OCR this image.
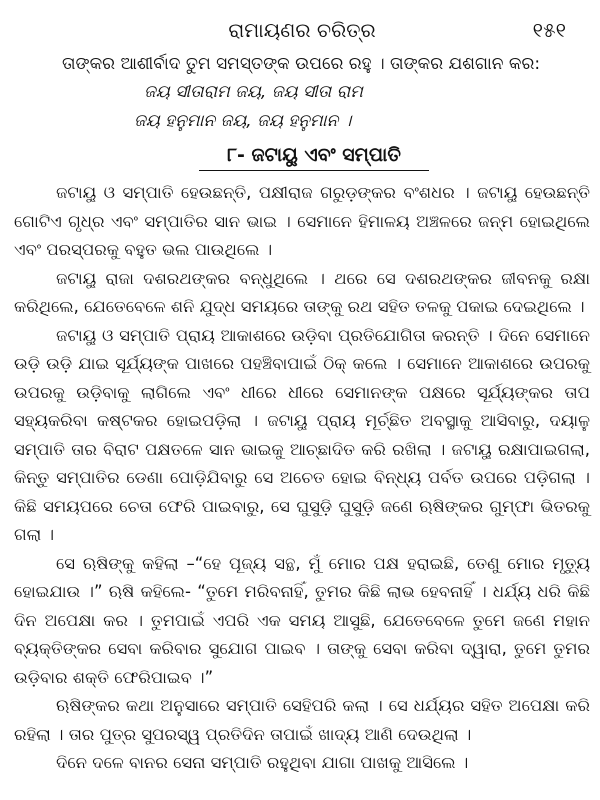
ରାମାୟଣର ଚରିତ୍ର	୧୫୧
ତାଙ୍କର ଆଶୀର୍ବାଦ ତୁମ ସମସ୍ତଙ୍କ ଉପରେ ରହୁ । ତାଙ୍କର ଯଶଗାନ କର:
ଜୟ ସୀତାରାମ ଜୟ, ଜୟ ସୀତା ରାମ
ଜୟ ହନୁମାନ ଜୟ, ଜୟ ହନୁମାନ ।
୮- ଜଟାୟୁ ଏବଂ ସମ୍ପାତି

ଜଟାୟୁ ଓ ସମ୍ପାତି ହେଉଛନ୍ତି, ପକ୍ଷୀରାଜ ଗରୁଡ଼ଙ୍କର ବଂଶଧର । ଜଟାୟୁ ହେଉଛନ୍ତି ଗୋଟିଏ ଗୃଧ୍ର ଏବଂ ସମ୍ପାତିର ସାନ ଭାଇ । ସେମାନେ ହିମାଳୟ ଅଞ୍ଚଳରେ ଜନ୍ମ ହୋଇଥିଲେ ଏବଂ ପରସ୍ପରକୁ ବହୁତ ଭଲ ପାଉଥିଲେ ।

ଜଟାୟୁ ରାଜା ଦଶରଥଙ୍କର ବନ୍ଧୁଥିଲେ । ଥରେ ସେ ଦଶରଥଙ୍କର ଜୀବନକୁ ରକ୍ଷା କରିଥିଲେ, ଯେତେବେଳେ ଶନି ଯୁଦ୍ଧ ସମୟରେ ତାଙ୍କୁ ରଥ ସହିତ ତଳକୁ ପକାଇ ଦେଇଥିଲେ ।

ଜଟାୟୁ ଓ ସମ୍ପାତି ପ୍ରାୟ ଆକାଶରେ ଉଡ଼ିବା ପ୍ରତିଯୋଗିତା କରନ୍ତି । ଦିନେ ସେମାନେ ଉଡ଼ି ଉଡ଼ି ଯାଇ ସୂର୍ଯ୍ୟଙ୍କ ପାଖରେ ପହଞ୍ଚିବାପାଇଁ ଠିକ୍ କଲେ । ସେମାନେ ଆକାଶରେ ଉପରକୁ ଉପରକୁ ଉଡ଼ିବାକୁ ଲାଗିଲେ ଏବଂ ଧୀରେ ଧୀରେ ସେମାନଙ୍କ ପକ୍ଷରେ ସୂର୍ଯ୍ୟଙ୍କର ତାପ ସହ୍ୟକରିବା କଷ୍ଟକର ହୋଇପଡ଼ିଲା । ଜଟାୟୁ ପ୍ରାୟ ମୂର୍ଚ୍ଛିତ ଅବସ୍ଥାକୁ ଆସିବାରୁ, ଦୟାଳୁ ସମ୍ପାତି ତାର ବିରାଟ ପକ୍ଷତଳେ ସାନ ଭାଇକୁ ଆଚ୍ଛାଦିତ କରି ରଖିଲା । ଜଟାୟୁ ରକ୍ଷାପାଇଗଲା, କିନ୍ତୁ ସମ୍ପାତିର ଡେଣା ପୋଡ଼ିଯିବାରୁ ସେ ଅଚେତ ହୋଇ ବିନ୍ଧ୍ୟ ପର୍ବତ ଉପରେ ପଡ଼ିଗଲା । କିଛି ସମୟପରେ ଚେତା ଫେରି ପାଇବାରୁ, ସେ ଘୁସୁଡ଼ି ଘୁସୁଡ଼ି ଜଣେ ଋଷିଙ୍କର ଗୁମ୍ଫା ଭିତରକୁ ଗଲା ।

ସେ ଋଷିଙ୍କୁ କହିଲା –“ହେ ପୂଜ୍ୟ ସନ୍ଥ, ମୁଁ ମୋର ପକ୍ଷ ହରାଇଛି, ତେଣୁ ମୋର ମୃତ୍ୟୁ ହୋଇଯାଉ ।” ଋଷି କହିଲେ- “ତୁମେ ମରିବନାହିଁ, ତୁମର କିଛି ଲାଭ ହେବନାହିଁ । ଧର୍ଯ୍ୟ ଧରି କିଛି ଦିନ ଅପେକ୍ଷା କର । ତୁମପାଇଁ ଏପରି ଏକ ସମୟ ଆସୁଛି, ଯେତେବେଳେ ତୁମେ ଜଣେ ମହାନ ବ୍ୟକ୍ତିଙ୍କର ସେବା କରିବାର ସୁଯୋଗ ପାଇବ । ତାଙ୍କୁ ସେବା କରିବା ଦ୍ୱାରା, ତୁମେ ତୁମର ଉଡ଼ିବାର ଶକ୍ତି ଫେରିପାଇବ ।”

ଋଷିଙ୍କର କଥା ଅନୁସାରେ ସମ୍ପାତି ସେହିପରି କଲା । ସେ ଧର୍ଯ୍ୟର ସହିତ ଅପେକ୍ଷା କରି ରହିଲା । ତାର ପୁତ୍ର ସୁପରସ୍ୱ ପ୍ରତିଦିନ ତାପାଇଁ ଖାଦ୍ୟ ଆଣି ଦେଉଥିଲା ।

ଦିନେ ଦଳେ ବାନର ସେନା ସମ୍ପାତି ରହୁଥିବା ଯାଗା ପାଖକୁ ଆସିଲେ ।
